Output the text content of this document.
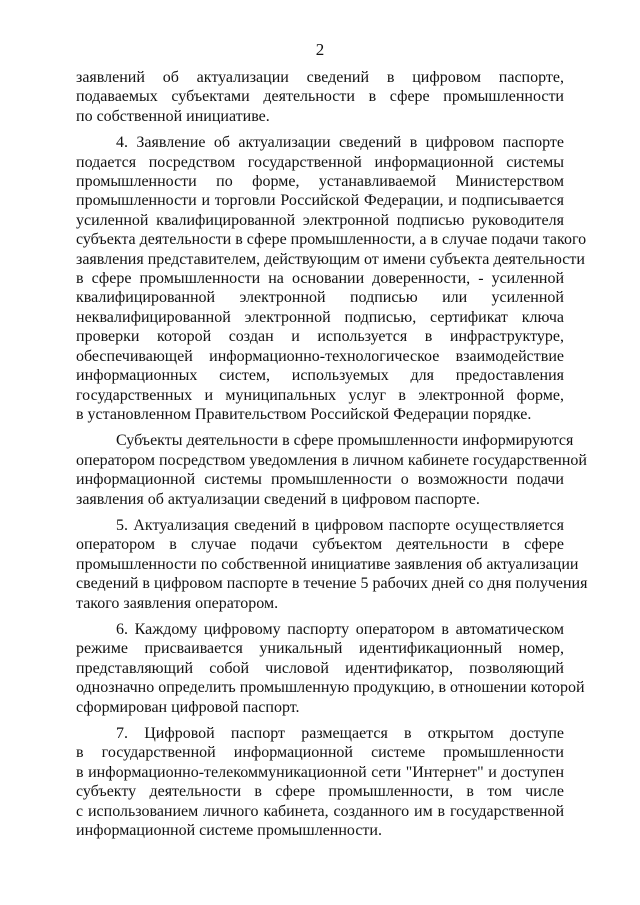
2

заявлений об актуализации сведений в цифровом паспорте,
подаваемых субъектами деятельности в сфере промышленности
по собственной инициативе.

4. Заявление об актуализации сведений в цифровом паспорте
подается посредством государственной информационной системы
промышленности по форме, устанавливаемой Министерством
промышленности и торговли Российской Федерации, и подписывается
усиленной квалифицированной электронной подписью руководителя
субъекта деятельности в сфере промышленности, а в случае подачи такого
заявления представителем, действующим от имени субъекта деятельности
в сфере промышленности на основании доверенности, - усиленной
квалифицированной электронной подписью или усиленной
неквалифицированной электронной подписью, сертификат ключа
проверки которой создан и используется в инфраструктуре,
обеспечивающей информационно-технологическое взаимодействие
информационных систем, используемых для предоставления
государственных и муниципальных услуг в электронной форме,
в установленном Правительством Российской Федерации порядке.

Субъекты деятельности в сфере промышленности информируются
оператором посредством уведомления в личном кабинете государственной
информационной системы промышленности о возможности подачи
заявления об актуализации сведений в цифровом паспорте.

5. Актуализация сведений в цифровом паспорте осуществляется
оператором в случае подачи субъектом деятельности в сфере
промышленности по собственной инициативе заявления об актуализации
сведений в цифровом паспорте в течение 5 рабочих дней со дня получения
такого заявления оператором.

6. Каждому цифровому паспорту оператором в автоматическом
режиме присваивается уникальный идентификационный номер,
представляющий собой числовой идентификатор, позволяющий
однозначно определить промышленную продукцию, в отношении которой
сформирован цифровой паспорт.

7. Цифровой паспорт размещается в открытом доступе
в государственной информационной системе промышленности
в информационно-телекоммуникационной сети "Интернет" и доступен
субъекту деятельности в сфере промышленности, в том числе
с использованием личного кабинета, созданного им в государственной
информационной системе промышленности.
